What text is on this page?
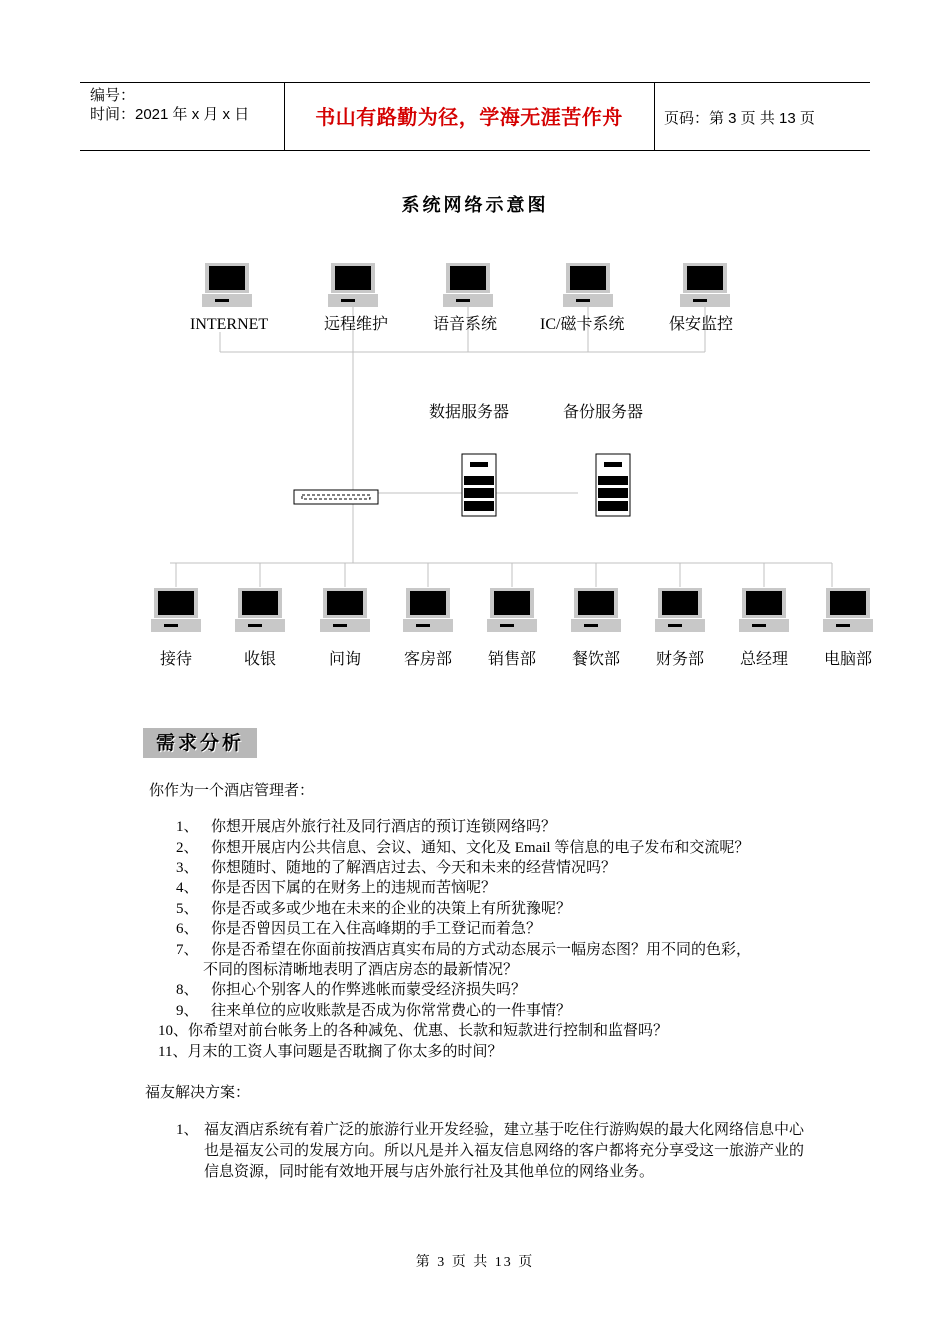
编号：
时间：2021 年 x 月 x 日	书山有路勤为径，学海无涯苦作舟	页码：第 3 页 共 13 页
系统网络示意图
INTERNET	远程维护	语音系统	IC/磁卡系统	保安监控
数据服务器	备份服务器
接待	收银	问询	客房部 销售部 餐饮部 财务部 总经理 电脑部
需求分析
你作为一个酒店管理者：
1、 你想开展店外旅行社及同行酒店的预订连锁网络吗？
2、 你想开展店内公共信息、会议、通知、文化及 Email 等信息的电子发布和交流呢？
3、 你想随时、随地的了解酒店过去、今天和未来的经营情况吗？
4、 你是否因下属的在财务上的违规而苦恼呢？
5、 你是否或多或少地在未来的企业的决策上有所犹豫呢？
6、 你是否曾因员工在入住高峰期的手工登记而着急？
7、 你是否希望在你面前按酒店真实布局的方式动态展示一幅房态图？用不同的色彩，
不同的图标清晰地表明了酒店房态的最新情况？
8、 你担心个别客人的作弊逃帐而蒙受经济损失吗？
9、 往来单位的应收账款是否成为你常常费心的一件事情？
10、你希望对前台帐务上的各种减免、优惠、长款和短款进行控制和监督吗？
11、月末的工资人事问题是否耽搁了你太多的时间？
福友解决方案：
1、 福友酒店系统有着广泛的旅游行业开发经验，建立基于吃住行游购娱的最大化网络信息中心也是福友公司的发展方向。所以凡是并入福友信息网络的客户都将充分享受这一旅游产业的信息资源，同时能有效地开展与店外旅行社及其他单位的网络业务。
第 3 页 共 13 页
